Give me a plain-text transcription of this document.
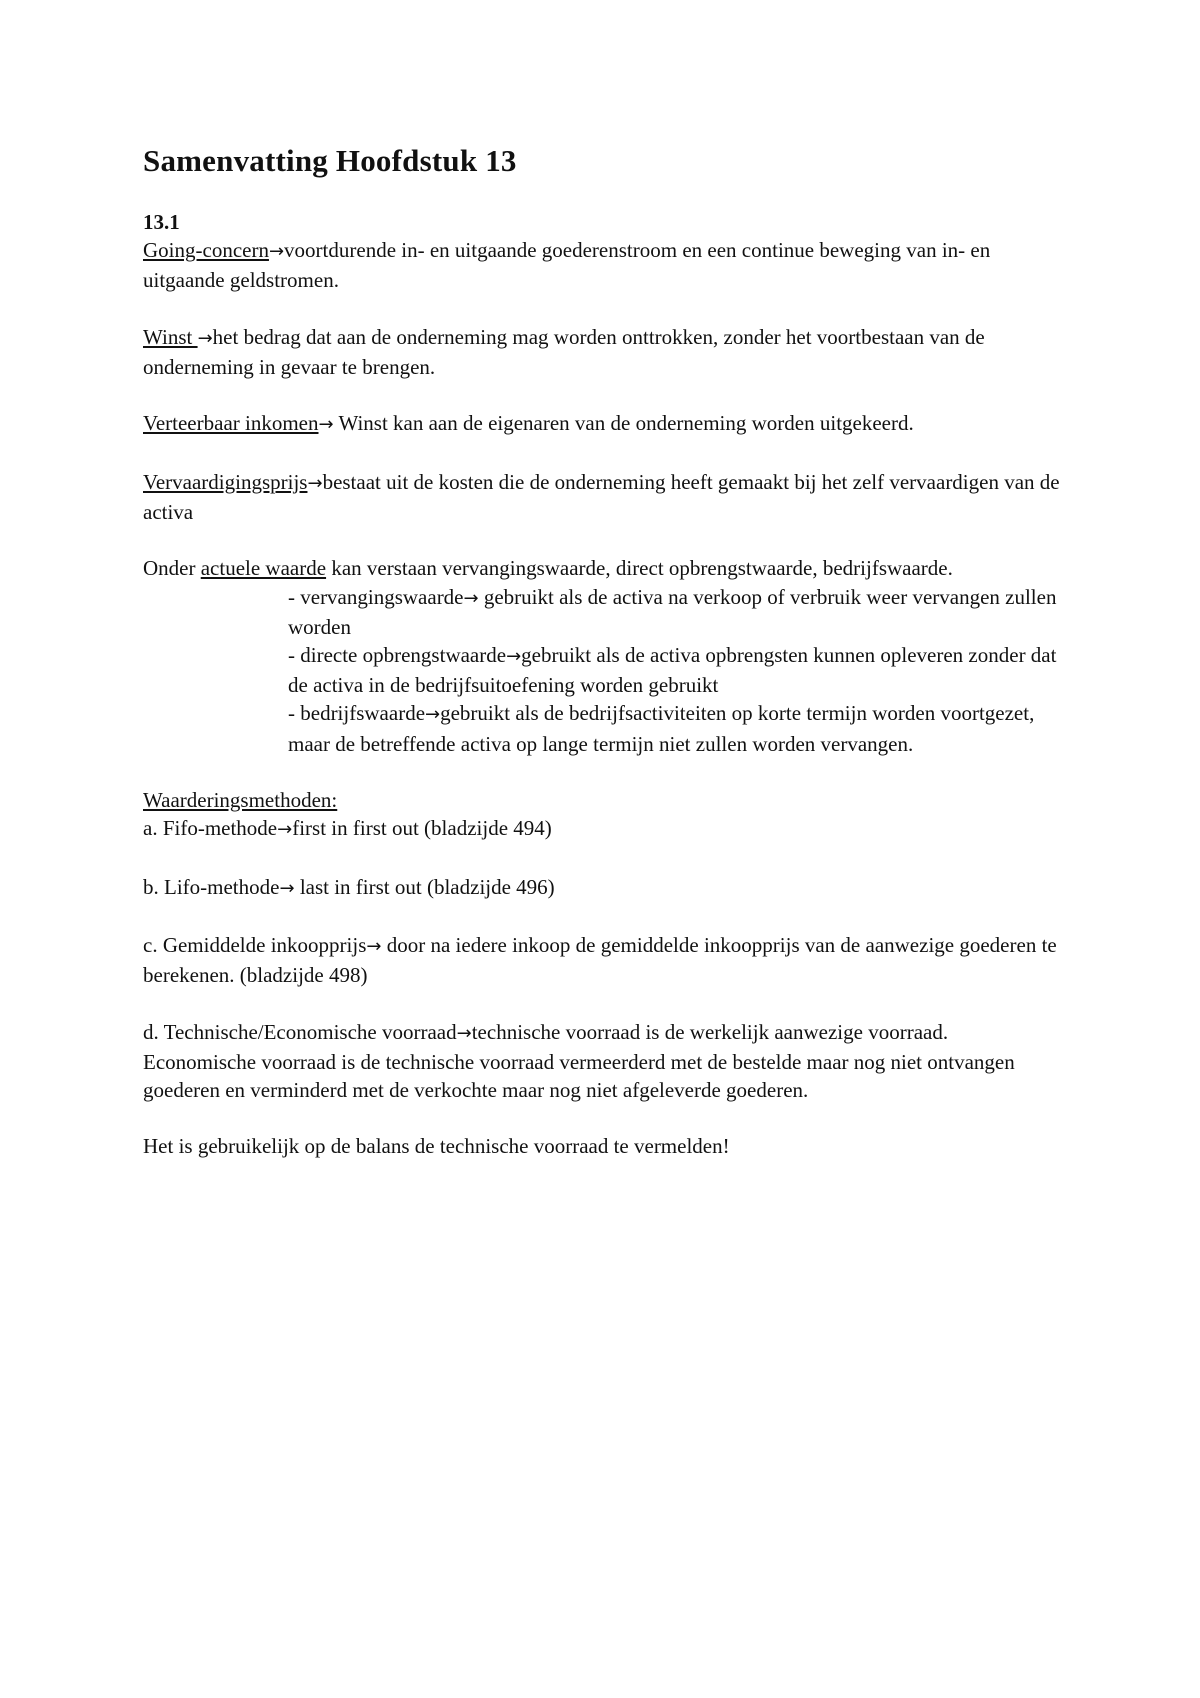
Samenvatting Hoofdstuk 13
13.1
Going-concern→voortdurende in- en uitgaande goederenstroom en een continue beweging van in- en uitgaande geldstromen.

Winst →het bedrag dat aan de onderneming mag worden onttrokken, zonder het voortbestaan van de onderneming in gevaar te brengen.

Verteerbaar inkomen→ Winst kan aan de eigenaren van de onderneming worden uitgekeerd.

Vervaardigingsprijs→bestaat uit de kosten die de onderneming heeft gemaakt bij het zelf vervaardigen van de activa

Onder actuele waarde kan verstaan vervangingswaarde, direct opbrengstwaarde, bedrijfswaarde.

- vervangingswaarde→ gebruikt als de activa na verkoop of verbruik weer vervangen zullen worden
- directe opbrengstwaarde→gebruikt als de activa opbrengsten kunnen opleveren zonder dat de activa in de bedrijfsuitoefening worden gebruikt
- bedrijfswaarde→gebruikt als de bedrijfsactiviteiten op korte termijn worden voortgezet, maar de betreffende activa op lange termijn niet zullen worden vervangen.
Waarderingsmethoden:
a. Fifo-methode→first in first out (bladzijde 494)

b. Lifo-methode→ last in first out (bladzijde 496)

c. Gemiddelde inkoopprijs→ door na iedere inkoop de gemiddelde inkoopprijs van de aanwezige goederen te berekenen. (bladzijde 498)

d. Technische/Economische voorraad→technische voorraad is de werkelijk aanwezige voorraad. Economische voorraad is de technische voorraad vermeerderd met de bestelde maar nog niet ontvangen goederen en verminderd met de verkochte maar nog niet afgeleverde goederen.

Het is gebruikelijk op de balans de technische voorraad te vermelden!
